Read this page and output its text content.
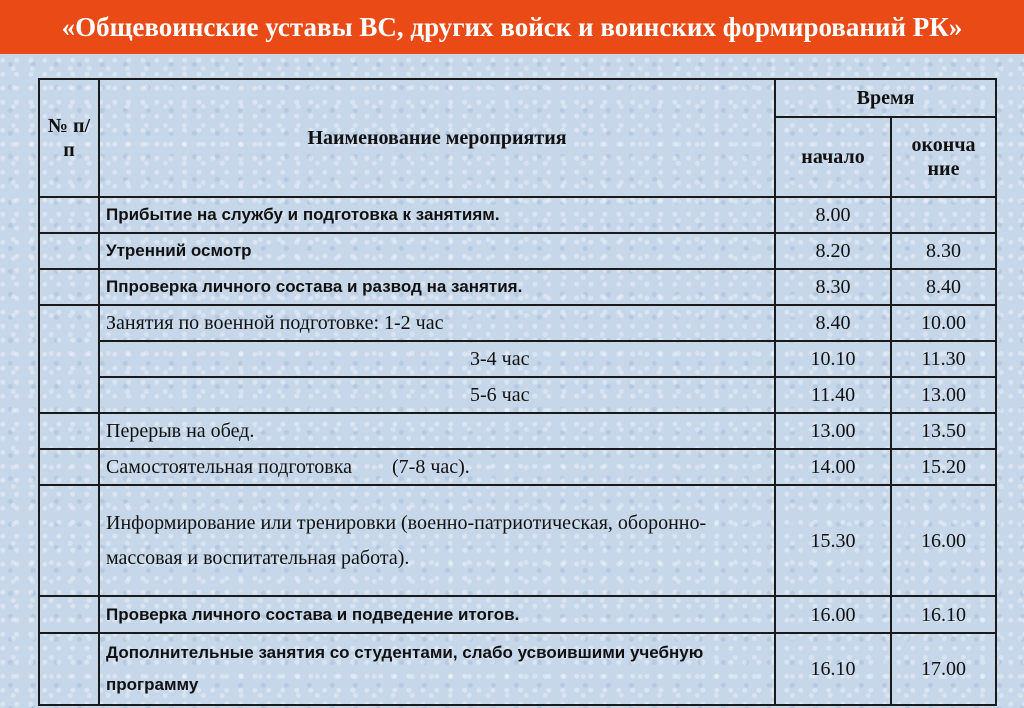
«Общевоинские уставы ВС, других войск и воинских формирований РК»
№ п/п	Наименование мероприятия	Время	
		начало	оконча ние
	Прибытие на службу и подготовка к занятиям.	8.00	
	Утренний осмотр	8.20	8.30
	Ппроверка личного состава и развод на занятия.	8.30	8.40
	Занятия по военной подготовке: 1-2 час	8.40	10.00
	3-4 час	10.10	11.30
	5-6 час	11.40	13.00
	Перерыв на обед.	13.00	13.50
	Самостоятельная подготовка        (7-8 час).	14.00	15.20
	Информирование или тренировки (военно-патриотическая, оборонно-массовая и воспитательная работа).	15.30	16.00
	Проверка личного состава и подведение итогов.	16.00	16.10
	Дополнительные занятия со студентами, слабо усвоившими учебную программу	16.10	17.00
